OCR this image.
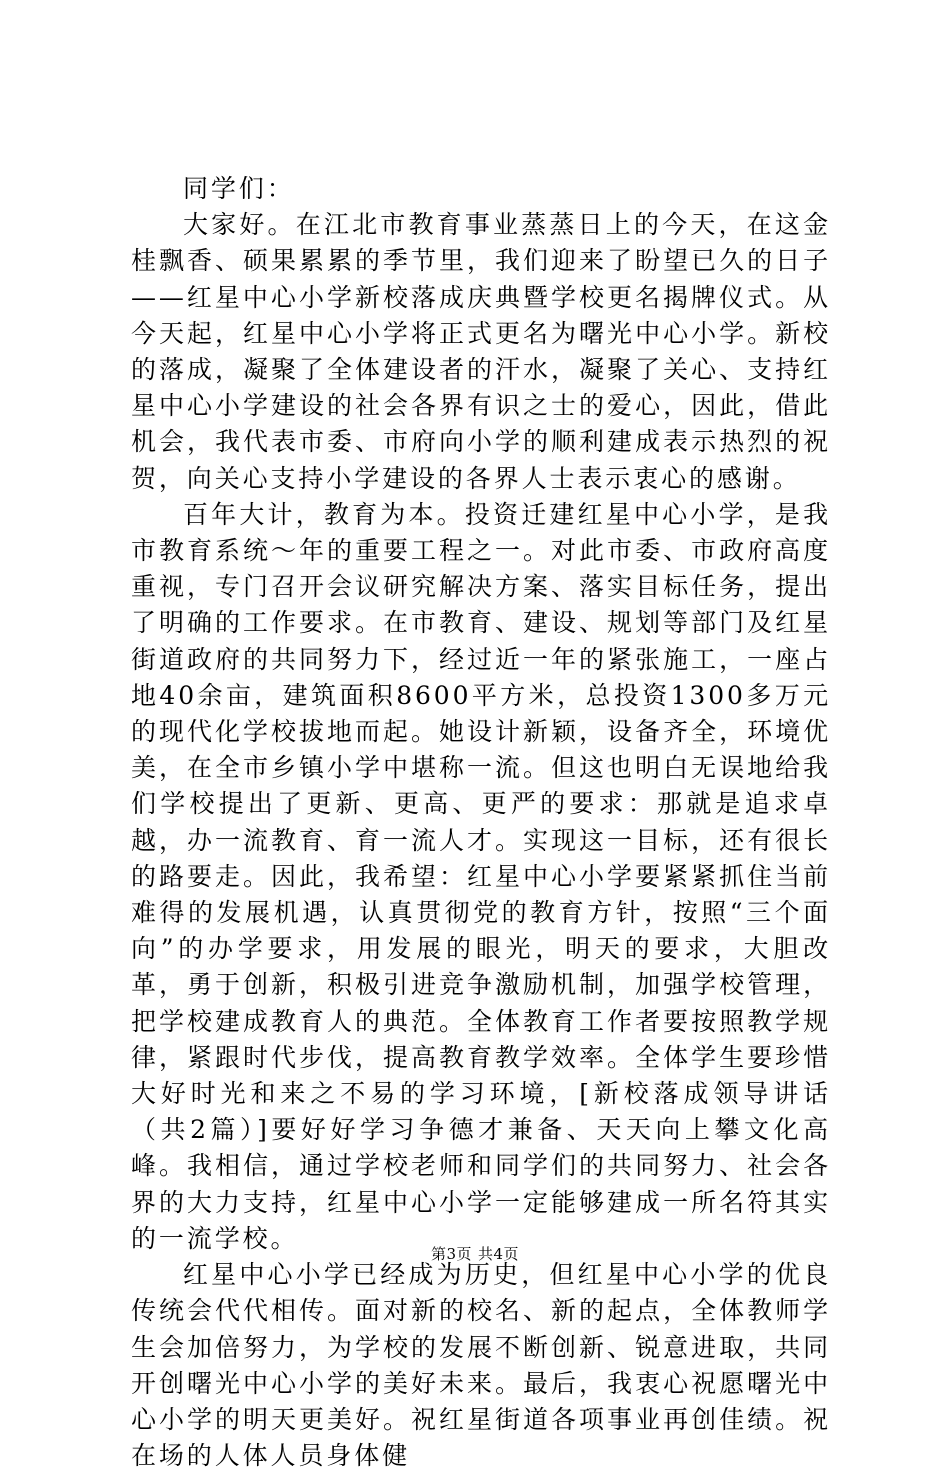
同学们：

大家好。在江北市教育事业蒸蒸日上的今天，在这金桂飘香、硕果累累的季节里，我们迎来了盼望已久的日子——红星中心小学新校落成庆典暨学校更名揭牌仪式。从今天起，红星中心小学将正式更名为曙光中心小学。新校的落成，凝聚了全体建设者的汗水，凝聚了关心、支持红星中心小学建设的社会各界有识之士的爱心，因此，借此机会，我代表市委、市府向小学的顺利建成表示热烈的祝贺，向关心支持小学建设的各界人士表示衷心的感谢。

百年大计，教育为本。投资迁建红星中心小学，是我市教育系统～年的重要工程之一。对此市委、市政府高度重视，专门召开会议研究解决方案、落实目标任务，提出了明确的工作要求。在市教育、建设、规划等部门及红星街道政府的共同努力下，经过近一年的紧张施工，一座占地40余亩，建筑面积8600平方米，总投资1300多万元的现代化学校拔地而起。她设计新颖，设备齐全，环境优美，在全市乡镇小学中堪称一流。但这也明白无误地给我们学校提出了更新、更高、更严的要求：那就是追求卓越，办一流教育、育一流人才。实现这一目标，还有很长的路要走。因此，我希望：红星中心小学要紧紧抓住当前难得的发展机遇，认真贯彻党的教育方针，按照“三个面向”的办学要求，用发展的眼光，明天的要求，大胆改革，勇于创新，积极引进竞争激励机制，加强学校管理，把学校建成教育人的典范。全体教育工作者要按照教学规律，紧跟时代步伐，提高教育教学效率。全体学生要珍惜大好时光和来之不易的学习环境，[新校落成领导讲话（共2篇）]要好好学习争德才兼备、天天向上攀文化高峰。我相信，通过学校老师和同学们的共同努力、社会各界的大力支持，红星中心小学一定能够建成一所名符其实的一流学校。

红星中心小学已经成为历史，但红星中心小学的优良传统会代代相传。面对新的校名、新的起点，全体教师学生会加倍努力，为学校的发展不断创新、锐意进取，共同开创曙光中心小学的美好未来。最后，我衷心祝愿曙光中心小学的明天更美好。祝红星街道各项事业再创佳绩。祝在场的人体人员身体健

第3页 共4页
